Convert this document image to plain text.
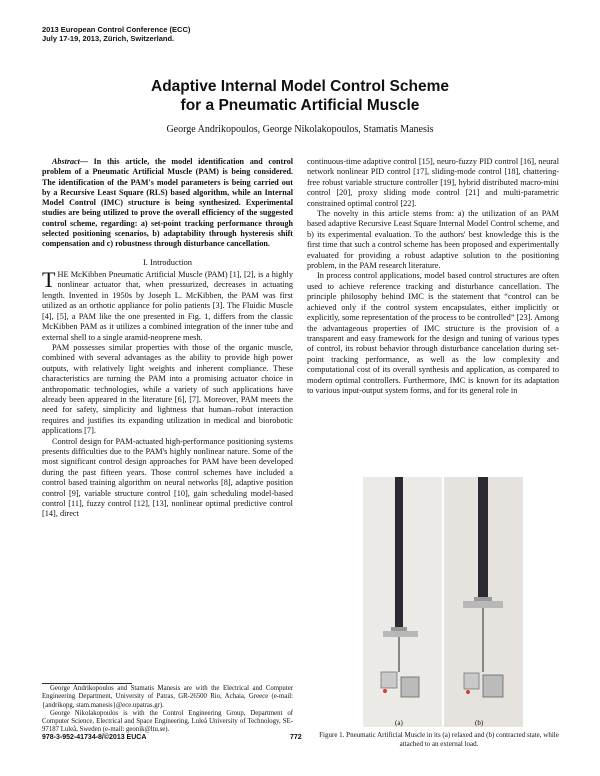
2013 European Control Conference (ECC)
July 17-19, 2013, Zürich, Switzerland.
Adaptive Internal Model Control Scheme
for a Pneumatic Artificial Muscle
George Andrikopoulos, George Nikolakopoulos, Stamatis Manesis

Abstract— In this article, the model identification and control problem of a Pneumatic Artificial Muscle (PAM) is being considered. The identification of the PAM's model parameters is being carried out by a Recursive Least Square (RLS) based algorithm, while an Internal Model Control (IMC) structure is being synthesized. Experimental studies are being utilized to prove the overall efficiency of the suggested control scheme, regarding: a) set-point tracking performance through selected positioning scenarios, b) adaptability through hysteresis shift compensation and c) robustness through disturbance cancellation.

I. Introduction

THE McKibben Pneumatic Artificial Muscle (PAM) [1], [2], is a highly nonlinear actuator that, when pressurized, decreases in actuating length. Invented in 1950s by Joseph L. McKibben, the PAM was first utilized as an orthotic appliance for polio patients [3]. The Fluidic Muscle [4], [5], a PAM like the one presented in Fig. 1, differs from the classic McKibben PAM as it utilizes a combined integration of the inner tube and external shell to a single aramid-neoprene mesh.

PAM possesses similar properties with those of the organic muscle, combined with several advantages as the ability to provide high power outputs, with relatively light weights and inherent compliance. These characteristics are turning the PAM into a promising actuator choice in anthropomatic technologies, while a variety of such applications have already been appeared in the literature [6], [7]. Moreover, PAM meets the need for safety, simplicity and lightness that human–robot interaction requires and justifies its expanding utilization in medical and biorobotic applications [7].

Control design for PAM-actuated high-performance positioning systems presents difficulties due to the PAM's highly nonlinear nature. Some of the most significant control design approaches for PAM have been developed during the past fifteen years. Those control schemes have included a control based training algorithm on neural networks [8], adaptive position control [9], variable structure control [10], gain scheduling model-based control [11], fuzzy control [12], [13], nonlinear optimal predictive control [14], direct

George Andrikopoulos and Stamatis Manesis are with the Electrical and Computer Engineering Department, University of Patras, GR-26500 Rio, Achaia, Greece (e-mail: {andrikopg, stam.manesis}@ece.upatras.gr).

George Nikolakopoulos is with the Control Engineering Group, Department of Computer Science, Electrical and Space Engineering, Luleå University of Technology, SE-97187 Luleå, Sweden (e-mail: geonik@ltu.se).

continuous-time adaptive control [15], neuro-fuzzy PID control [16], neural network nonlinear PID control [17], sliding-mode control [18], chattering-free robust variable structure controller [19], hybrid distributed macro-mini control [20], proxy sliding mode control [21] and multi-parametric constrained optimal control [22].

The novelty in this article stems from: a) the utilization of an PAM based adaptive Recursive Least Square Internal Model Control scheme, and b) its experimental evaluation. To the authors' best knowledge this is the first time that such a control scheme has been proposed and experimentally evaluated for providing a robust adaptive solution to the positioning problem, in the PAM research literature.

In process control applications, model based control structures are often used to achieve reference tracking and disturbance cancellation. The principle philosophy behind IMC is the statement that “control can be achieved only if the control system encapsulates, either implicitly or explicitly, some representation of the process to be controlled” [23]. Among the advantageous properties of IMC structure is the provision of a transparent and easy framework for the design and tuning of various types of control, its robust behavior through disturbance cancelation during set-point tracking performance, as well as the low complexity and computational cost of its overall synthesis and application, as compared to modern optimal controllers. Furthermore, IMC is known for its adaptation to various input-output system forms, and for its general role in

(a)	(b)
Figure 1. Pneumatic Artificial Muscle in its (a) relaxed and (b) contracted state, while attached to an external load.
978-3-952-41734-8/©2013 EUCA	772
